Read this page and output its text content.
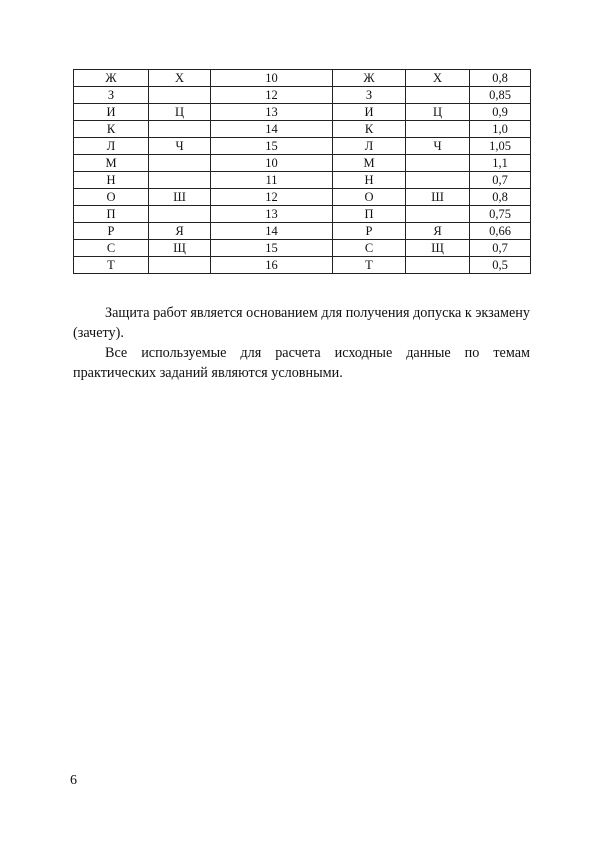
Ж	Х	10	Ж	Х	0,8
З		12	З		0,85
И	Ц	13	И	Ц	0,9
К		14	К		1,0
Л	Ч	15	Л	Ч	1,05
М		10	М		1,1
Н		11	Н		0,7
О	Ш	12	О	Ш	0,8
П		13	П		0,75
Р	Я	14	Р	Я	0,66
С	Щ	15	С	Щ	0,7
Т		16	Т		0,5

Защита работ является основанием для получения допуска к экзамену (зачету).

Все используемые для расчета исходные данные по темам практических заданий являются условными.

6
